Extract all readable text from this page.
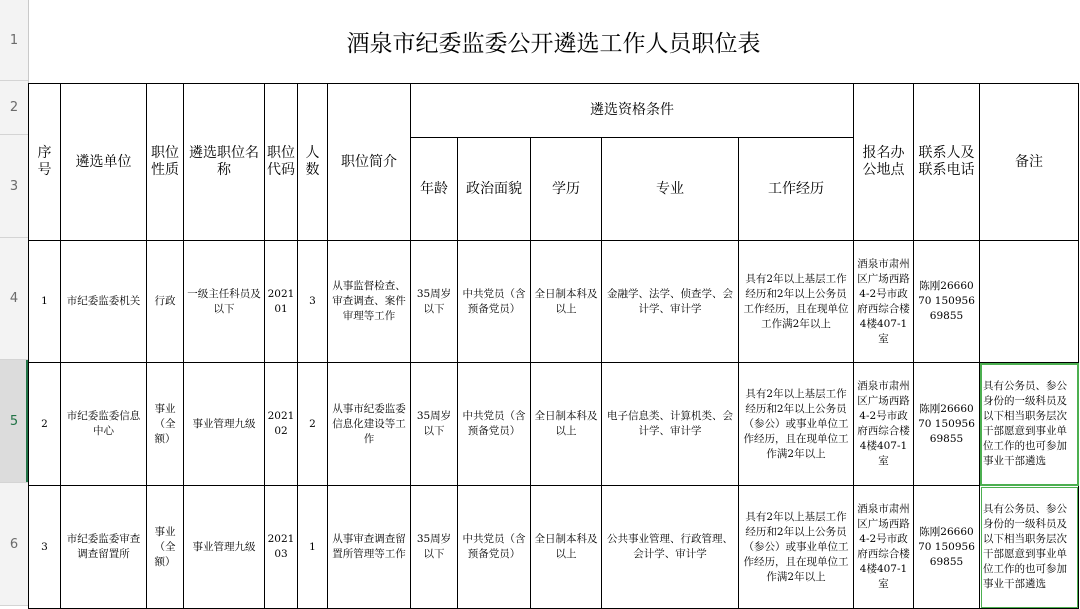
1
2
3
4
5
6
酒泉市纪委监委公开遴选工作人员职位表														
序号	遴选单位	职位性质	遴选职位名称	职位代码	人数	职位简介	遴选资格条件					报名办公地点	联系人及联系电话	备注
							年龄	政治面貌	学历	专业	工作经历			
1	市纪委监委机关	行政	一级主任科员及以下	202101	3	从事监督检查、审查调查、案件审理等工作	35周岁以下	中共党员（含预备党员）	全日制本科及以上	金融学、法学、侦查学、会计学、审计学	具有2年以上基层工作经历和2年以上公务员工作经历，且在现单位工作满2年以上	酒泉市肃州区广场西路4-2号市政府西综合楼4楼407-1室	陈刚2666070 15095669855	
2	市纪委监委信息中心	事业（全额）	事业管理九级	202102	2	从事市纪委监委信息化建设等工作	35周岁以下	中共党员（含预备党员）	全日制本科及以上	电子信息类、计算机类、会计学、审计学	具有2年以上基层工作经历和2年以上公务员（参公）或事业单位工作经历，且在现单位工作满2年以上	酒泉市肃州区广场西路4-2号市政府西综合楼4楼407-1室	陈刚2666070 15095669855	具有公务员、参公身份的一级科员及以下相当职务层次干部愿意到事业单位工作的也可参加事业干部遴选
3	市纪委监委审查调查留置所	事业（全额）	事业管理九级	202103	1	从事审查调查留置所管理等工作	35周岁以下	中共党员（含预备党员）	全日制本科及以上	公共事业管理、行政管理、会计学、审计学	具有2年以上基层工作经历和2年以上公务员（参公）或事业单位工作经历，且在现单位工作满2年以上	酒泉市肃州区广场西路4-2号市政府西综合楼4楼407-1室	陈刚2666070 15095669855	具有公务员、参公身份的一级科员及以下相当职务层次干部愿意到事业单位工作的也可参加事业干部遴选
